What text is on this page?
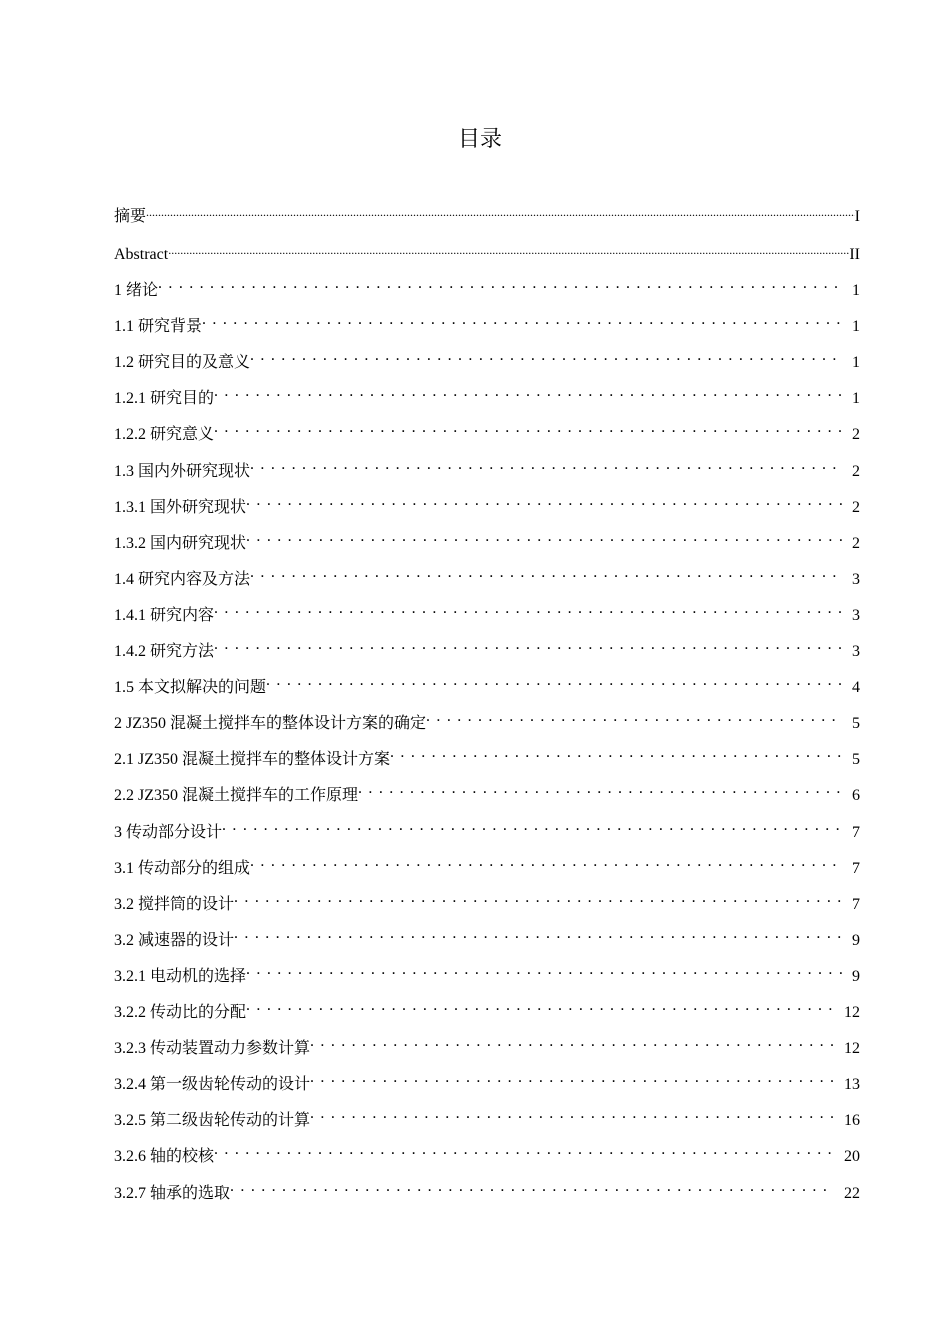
目录
摘要 .....	I
Abstract .....	II
1 绪论 . . .	1
1.1 研究背景 . . .	1
1.2 研究目的及意义 . . .	1
1.2.1 研究目的 . . .	1
1.2.2 研究意义 . . .	2
1.3 国内外研究现状 . . .	2
1.3.1 国外研究现状 . . .	2
1.3.2 国内研究现状 . . .	2
1.4 研究内容及方法 . . .	3
1.4.1 研究内容 . . .	3
1.4.2 研究方法 . . .	3
1.5 本文拟解决的问题 . . .	4
2 JZ350 混凝土搅拌车的整体设计方案的确定 . . .	5
2.1 JZ350 混凝土搅拌车的整体设计方案 . . .	5
2.2 JZ350 混凝土搅拌车的工作原理 . . .	6
3 传动部分设计 . . .	7
3.1 传动部分的组成 . . .	7
3.2 搅拌筒的设计 . . .	7
3.2 减速器的设计 . . .	9
3.2.1 电动机的选择 . . .	9
3.2.2 传动比的分配 . . .	12
3.2.3 传动装置动力参数计算 . . .	12
3.2.4 第一级齿轮传动的设计 . . .	13
3.2.5 第二级齿轮传动的计算 . . .	16
3.2.6 轴的校核 . . .	20
3.2.7 轴承的选取 . . .	22
